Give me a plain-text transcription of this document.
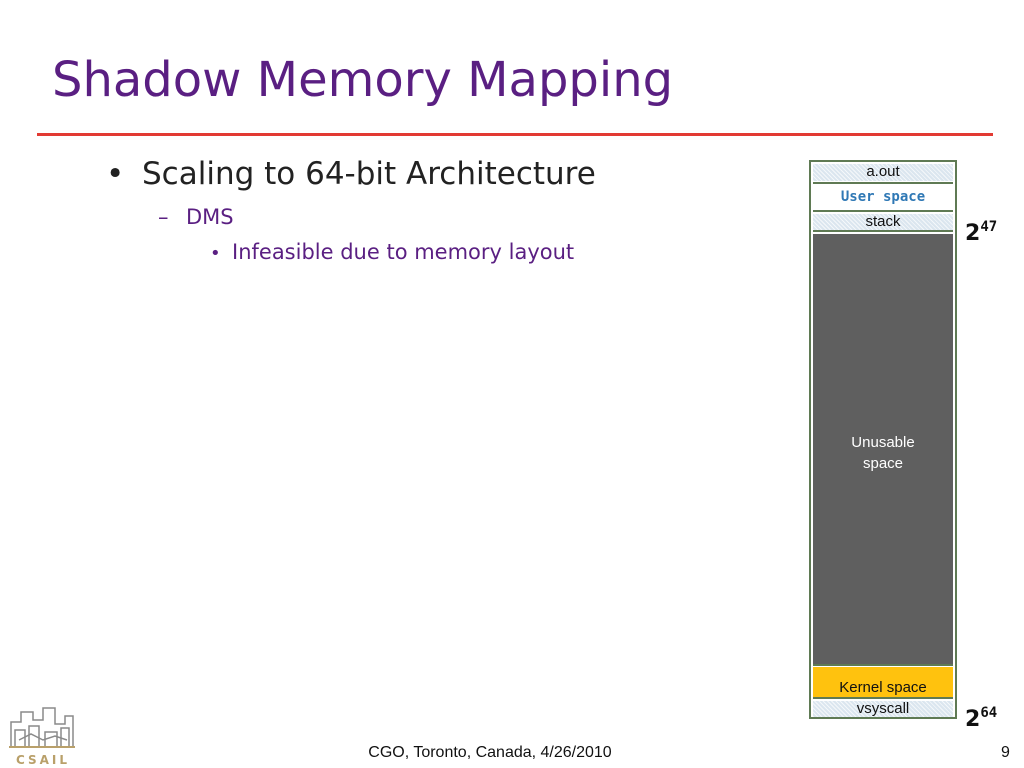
Shadow Memory Mapping
• Scaling to 64-bit Architecture
– DMS
• Infeasible due to memory layout
a.out
User space
stack
Unusable
space
Kernel space
vsyscall
$2^{47}$
$2^{64}$
CSAIL	CGO, Toronto, Canada, 4/26/2010	9
